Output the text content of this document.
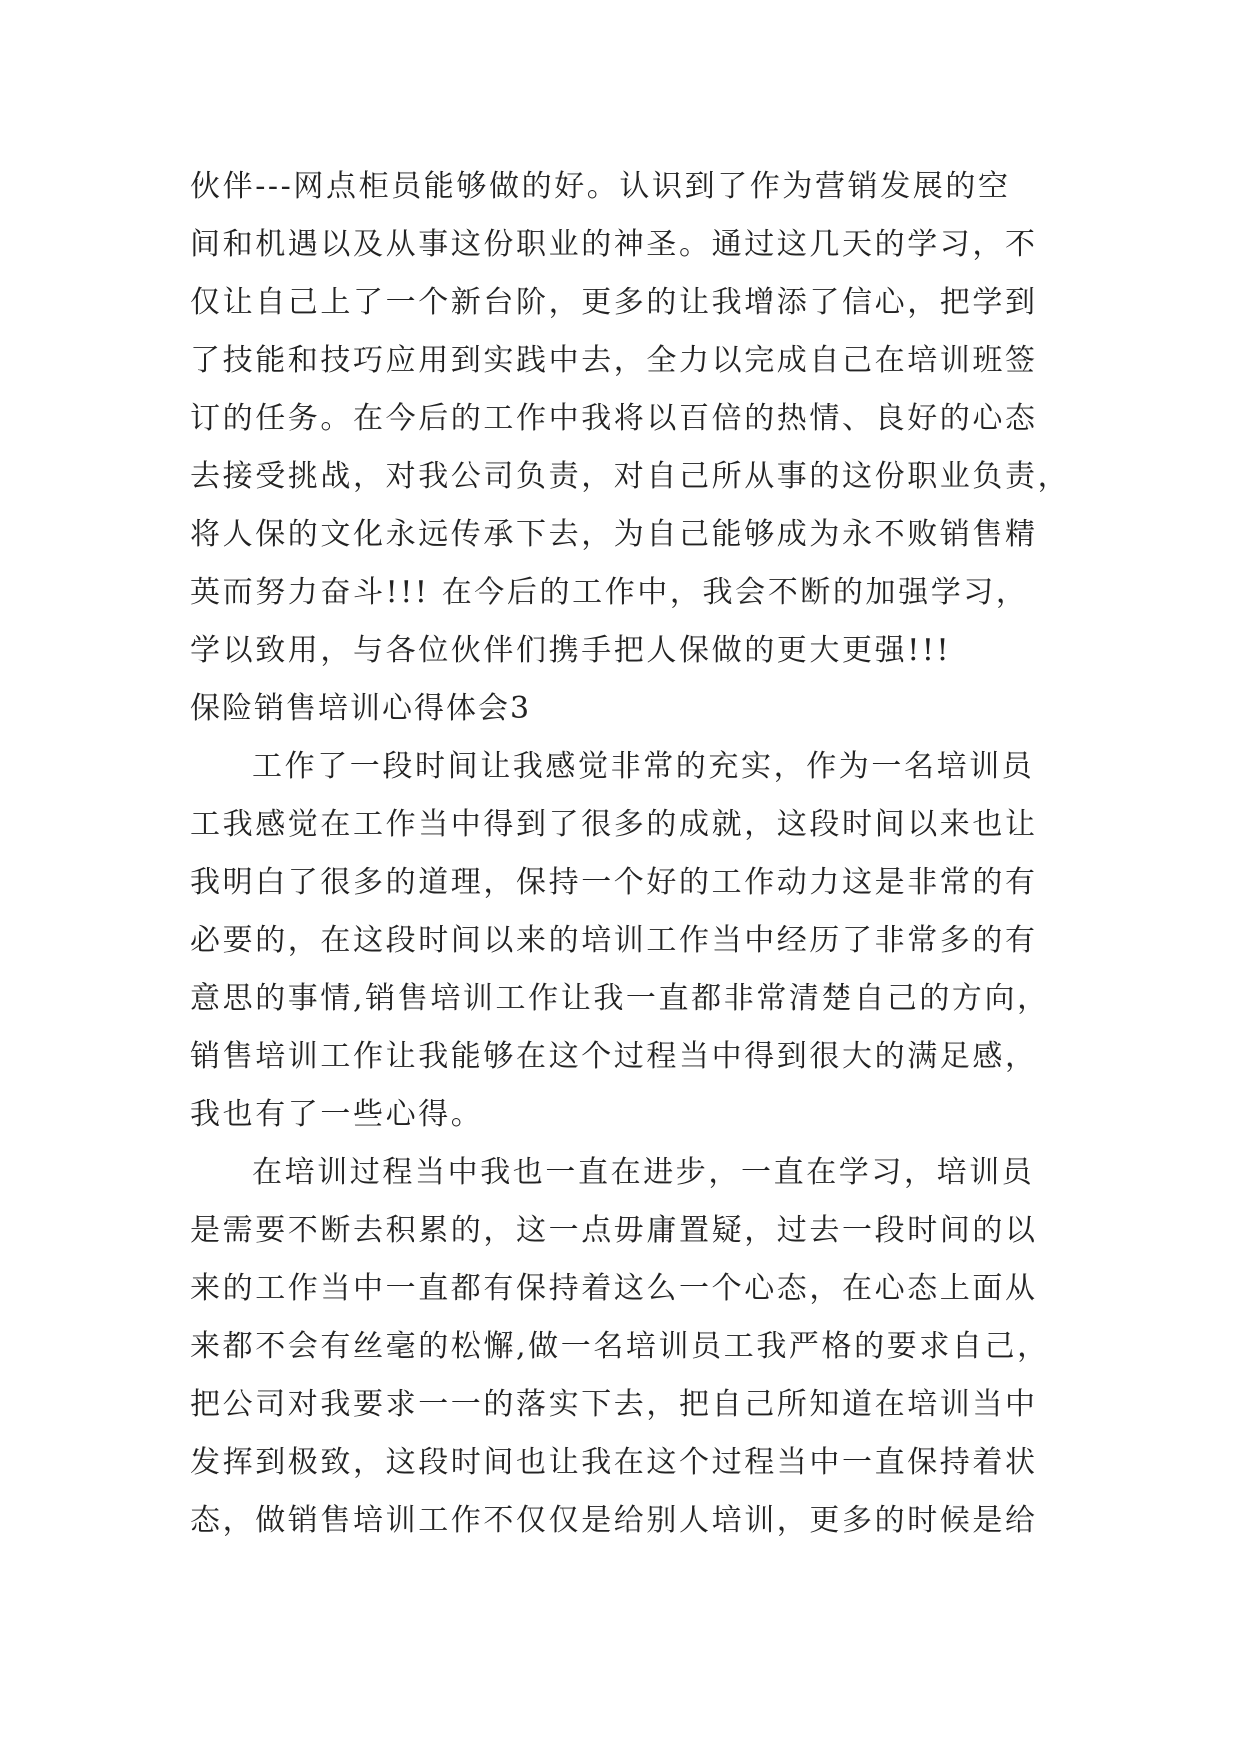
伙伴---网点柜员能够做的好。认识到了作为营销发展的空
间和机遇以及从事这份职业的神圣。通过这几天的学习，不
仅让自己上了一个新台阶，更多的让我增添了信心，把学到
了技能和技巧应用到实践中去，全力以完成自己在培训班签
订的任务。在今后的工作中我将以百倍的热情、良好的心态
去接受挑战，对我公司负责，对自己所从事的这份职业负责，
将人保的文化永远传承下去，为自己能够成为永不败销售精
英而努力奋斗!!! 在今后的工作中，我会不断的加强学习，
学以致用，与各位伙伴们携手把人保做的更大更强!!!
保险销售培训心得体会3
工作了一段时间让我感觉非常的充实，作为一名培训员
工我感觉在工作当中得到了很多的成就，这段时间以来也让
我明白了很多的道理，保持一个好的工作动力这是非常的有
必要的，在这段时间以来的培训工作当中经历了非常多的有
意思的事情,销售培训工作让我一直都非常清楚自己的方向，
销售培训工作让我能够在这个过程当中得到很大的满足感，
我也有了一些心得。
在培训过程当中我也一直在进步，一直在学习，培训员
是需要不断去积累的，这一点毋庸置疑，过去一段时间的以
来的工作当中一直都有保持着这么一个心态，在心态上面从
来都不会有丝毫的松懈,做一名培训员工我严格的要求自己，
把公司对我要求一一的落实下去，把自己所知道在培训当中
发挥到极致，这段时间也让我在这个过程当中一直保持着状
态，做销售培训工作不仅仅是给别人培训，更多的时候是给
